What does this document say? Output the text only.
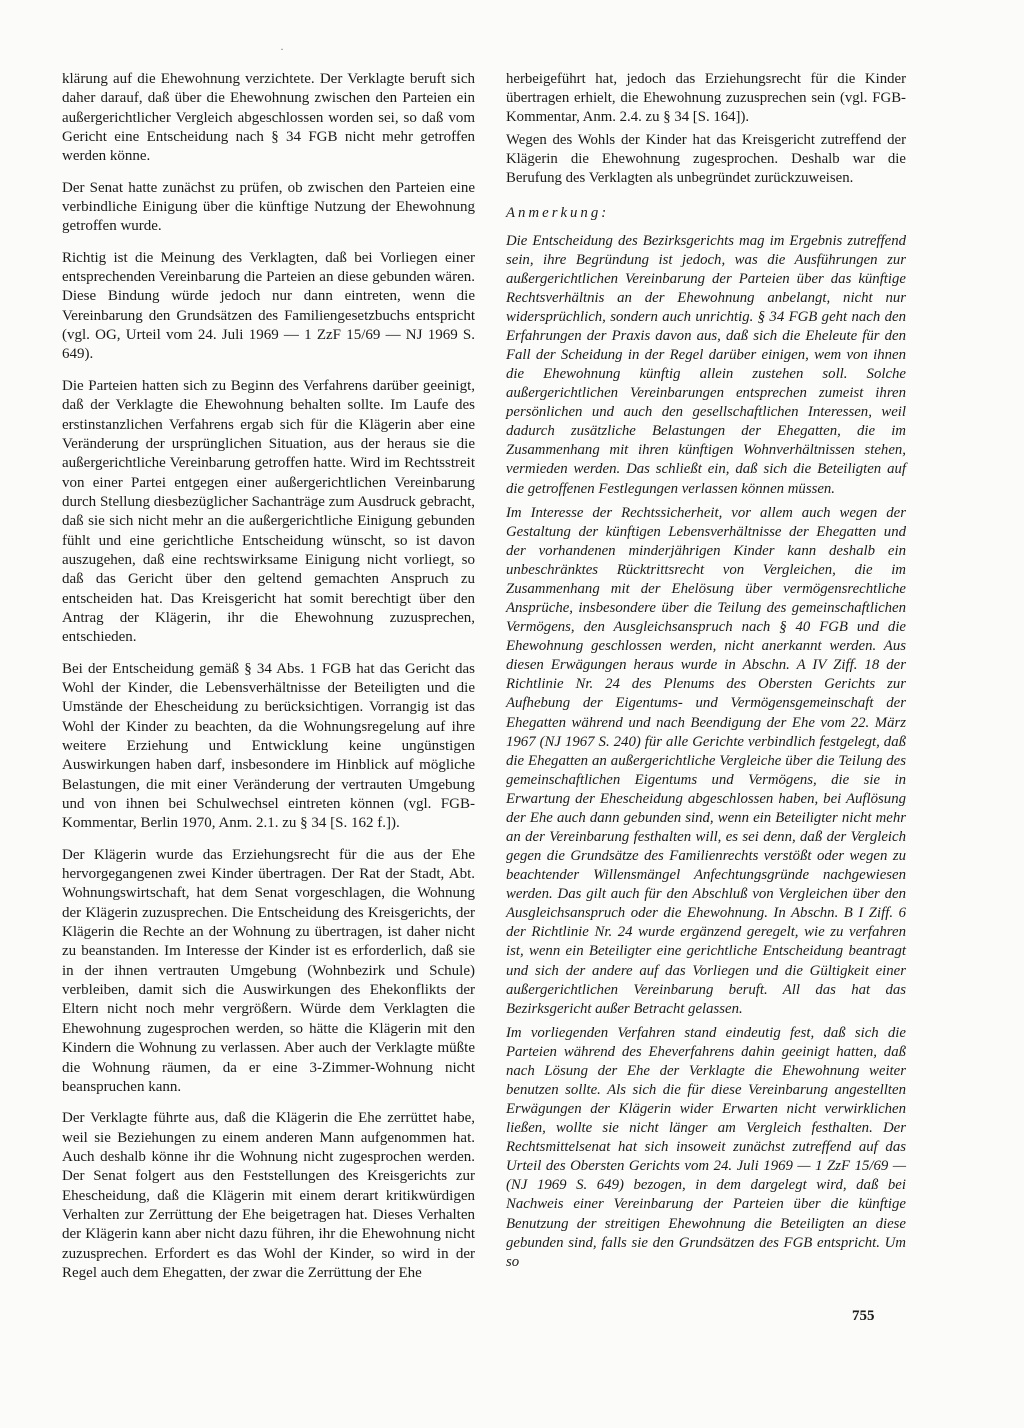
·

klärung auf die Ehewohnung verzichtete. Der Verklagte beruft sich daher darauf, daß über die Ehewohnung zwischen den Parteien ein außergerichtlicher Vergleich abgeschlossen worden sei, so daß vom Gericht eine Entscheidung nach § 34 FGB nicht mehr getroffen werden könne.

Der Senat hatte zunächst zu prüfen, ob zwischen den Parteien eine verbindliche Einigung über die künftige Nutzung der Ehewohnung getroffen wurde.

Richtig ist die Meinung des Verklagten, daß bei Vorliegen einer entsprechenden Vereinbarung die Parteien an diese gebunden wären. Diese Bindung würde jedoch nur dann eintreten, wenn die Vereinbarung den Grundsätzen des Familiengesetzbuchs entspricht (vgl. OG, Urteil vom 24. Juli 1969 — 1 ZzF 15/69 — NJ 1969 S. 649).

Die Parteien hatten sich zu Beginn des Verfahrens darüber geeinigt, daß der Verklagte die Ehewohnung behalten sollte. Im Laufe des erstinstanzlichen Verfahrens ergab sich für die Klägerin aber eine Veränderung der ursprünglichen Situation, aus der heraus sie die außergerichtliche Vereinbarung getroffen hatte. Wird im Rechtsstreit von einer Partei entgegen einer außergerichtlichen Vereinbarung durch Stellung diesbezüglicher Sachanträge zum Ausdruck gebracht, daß sie sich nicht mehr an die außergerichtliche Einigung gebunden fühlt und eine gerichtliche Entscheidung wünscht, so ist davon auszugehen, daß eine rechtswirksame Einigung nicht vorliegt, so daß das Gericht über den geltend gemachten Anspruch zu entscheiden hat. Das Kreisgericht hat somit berechtigt über den Antrag der Klägerin, ihr die Ehewohnung zuzusprechen, entschieden.

Bei der Entscheidung gemäß § 34 Abs. 1 FGB hat das Gericht das Wohl der Kinder, die Lebensverhältnisse der Beteiligten und die Umstände der Ehescheidung zu berücksichtigen. Vorrangig ist das Wohl der Kinder zu beachten, da die Wohnungsregelung auf ihre weitere Erziehung und Entwicklung keine ungünstigen Auswirkungen haben darf, insbesondere im Hinblick auf mögliche Belastungen, die mit einer Veränderung der vertrauten Umgebung und von ihnen bei Schulwechsel eintreten können (vgl. FGB-Kommentar, Berlin 1970, Anm. 2.1. zu § 34 [S. 162 f.]).

Der Klägerin wurde das Erziehungsrecht für die aus der Ehe hervorgegangenen zwei Kinder übertragen. Der Rat der Stadt, Abt. Wohnungswirtschaft, hat dem Senat vorgeschlagen, die Wohnung der Klägerin zuzusprechen. Die Entscheidung des Kreisgerichts, der Klägerin die Rechte an der Wohnung zu übertragen, ist daher nicht zu beanstanden. Im Interesse der Kinder ist es erforderlich, daß sie in der ihnen vertrauten Umgebung (Wohnbezirk und Schule) verbleiben, damit sich die Auswirkungen des Ehekonflikts der Eltern nicht noch mehr vergrößern. Würde dem Verklagten die Ehewohnung zugesprochen werden, so hätte die Klägerin mit den Kindern die Wohnung zu verlassen. Aber auch der Verklagte müßte die Wohnung räumen, da er eine 3-Zimmer-Wohnung nicht beanspruchen kann.

Der Verklagte führte aus, daß die Klägerin die Ehe zerrüttet habe, weil sie Beziehungen zu einem anderen Mann aufgenommen hat. Auch deshalb könne ihr die Wohnung nicht zugesprochen werden. Der Senat folgert aus den Feststellungen des Kreisgerichts zur Ehescheidung, daß die Klägerin mit einem derart kritikwürdigen Verhalten zur Zerrüttung der Ehe beigetragen hat. Dieses Verhalten der Klägerin kann aber nicht dazu führen, ihr die Ehewohnung nicht zuzusprechen. Erfordert es das Wohl der Kinder, so wird in der Regel auch dem Ehegatten, der zwar die Zerrüttung der Ehe

herbeigeführt hat, jedoch das Erziehungsrecht für die Kinder übertragen erhielt, die Ehewohnung zuzusprechen sein (vgl. FGB-Kommentar, Anm. 2.4. zu § 34 [S. 164]).

Wegen des Wohls der Kinder hat das Kreisgericht zutreffend der Klägerin die Ehewohnung zugesprochen. Deshalb war die Berufung des Verklagten als unbegründet zurückzuweisen.

Anmerkung:

Die Entscheidung des Bezirksgerichts mag im Ergebnis zutreffend sein, ihre Begründung ist jedoch, was die Ausführungen zur außergerichtlichen Vereinbarung der Parteien über das künftige Rechtsverhältnis an der Ehewohnung anbelangt, nicht nur widersprüchlich, sondern auch unrichtig. § 34 FGB geht nach den Erfahrungen der Praxis davon aus, daß sich die Eheleute für den Fall der Scheidung in der Regel darüber einigen, wem von ihnen die Ehewohnung künftig allein zustehen soll. Solche außergerichtlichen Vereinbarungen entsprechen zumeist ihren persönlichen und auch den gesellschaftlichen Interessen, weil dadurch zusätzliche Belastungen der Ehegatten, die im Zusammenhang mit ihren künftigen Wohnverhältnissen stehen, vermieden werden. Das schließt ein, daß sich die Beteiligten auf die getroffenen Festlegungen verlassen können müssen.

Im Interesse der Rechtssicherheit, vor allem auch wegen der Gestaltung der künftigen Lebensverhältnisse der Ehegatten und der vorhandenen minderjährigen Kinder kann deshalb ein unbeschränktes Rücktrittsrecht von Vergleichen, die im Zusammenhang mit der Ehelösung über vermögensrechtliche Ansprüche, insbesondere über die Teilung des gemeinschaftlichen Vermögens, den Ausgleichsanspruch nach § 40 FGB und die Ehewohnung geschlossen werden, nicht anerkannt werden. Aus diesen Erwägungen heraus wurde in Abschn. A IV Ziff. 18 der Richtlinie Nr. 24 des Plenums des Obersten Gerichts zur Aufhebung der Eigentums- und Vermögensgemeinschaft der Ehegatten während und nach Beendigung der Ehe vom 22. März 1967 (NJ 1967 S. 240) für alle Gerichte verbindlich festgelegt, daß die Ehegatten an außergerichtliche Vergleiche über die Teilung des gemeinschaftlichen Eigentums und Vermögens, die sie in Erwartung der Ehescheidung abgeschlossen haben, bei Auflösung der Ehe auch dann gebunden sind, wenn ein Beteiligter nicht mehr an der Vereinbarung festhalten will, es sei denn, daß der Vergleich gegen die Grundsätze des Familienrechts verstößt oder wegen zu beachtender Willensmängel Anfechtungsgründe nachgewiesen werden. Das gilt auch für den Abschluß von Vergleichen über den Ausgleichsanspruch oder die Ehewohnung. In Abschn. B I Ziff. 6 der Richtlinie Nr. 24 wurde ergänzend geregelt, wie zu verfahren ist, wenn ein Beteiligter eine gerichtliche Entscheidung beantragt und sich der andere auf das Vorliegen und die Gültigkeit einer außergerichtlichen Vereinbarung beruft. All das hat das Bezirksgericht außer Betracht gelassen.

Im vorliegenden Verfahren stand eindeutig fest, daß sich die Parteien während des Eheverfahrens dahin geeinigt hatten, daß nach Lösung der Ehe der Verklagte die Ehewohnung weiter benutzen sollte. Als sich die für diese Vereinbarung angestellten Erwägungen der Klägerin wider Erwarten nicht verwirklichen ließen, wollte sie nicht länger am Vergleich festhalten. Der Rechtsmittelsenat hat sich insoweit zunächst zutreffend auf das Urteil des Obersten Gerichts vom 24. Juli 1969 — 1 ZzF 15/69 — (NJ 1969 S. 649) bezogen, in dem dargelegt wird, daß bei Nachweis einer Vereinbarung der Parteien über die künftige Benutzung der streitigen Ehewohnung die Beteiligten an diese gebunden sind, falls sie den Grundsätzen des FGB entspricht. Um so

755
